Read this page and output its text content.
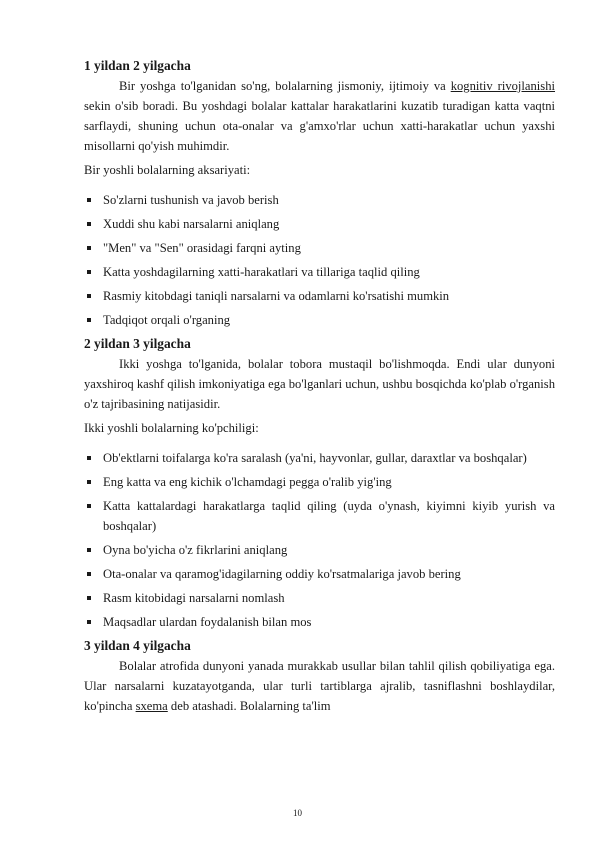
1 yildan 2 yilgacha

Bir yoshga to'lganidan so'ng, bolalarning jismoniy, ijtimoiy va kognitiv rivojlanishi sekin o'sib boradi. Bu yoshdagi bolalar kattalar harakatlarini kuzatib turadigan katta vaqtni sarflaydi, shuning uchun ota-onalar va g'amxo'rlar uchun xatti-harakatlar uchun yaxshi misollarni qo'yish muhimdir.

Bir yoshli bolalarning aksariyati:

So'zlarni tushunish va javob berish
Xuddi shu kabi narsalarni aniqlang
"Men" va "Sen" orasidagi farqni ayting
Katta yoshdagilarning xatti-harakatlari va tillariga taqlid qiling
Rasmiy kitobdagi taniqli narsalarni va odamlarni ko'rsatishi mumkin
Tadqiqot orqali o'rganing
2 yildan 3 yilgacha

Ikki yoshga to'lganida, bolalar tobora mustaqil bo'lishmoqda. Endi ular dunyoni yaxshiroq kashf qilish imkoniyatiga ega bo'lganlari uchun, ushbu bosqichda ko'plab o'rganish o'z tajribasining natijasidir.

Ikki yoshli bolalarning ko'pchiligi:

Ob'ektlarni toifalarga ko'ra saralash (ya'ni, hayvonlar, gullar, daraxtlar va boshqalar)
Eng katta va eng kichik o'lchamdagi pegga o'ralib yig'ing
Katta kattalardagi harakatlarga taqlid qiling (uyda o'ynash, kiyimni kiyib yurish va boshqalar)
Oyna bo'yicha o'z fikrlarini aniqlang
Ota-onalar va qaramog'idagilarning oddiy ko'rsatmalariga javob bering
Rasm kitobidagi narsalarni nomlash
Maqsadlar ulardan foydalanish bilan mos
3 yildan 4 yilgacha

Bolalar atrofida dunyoni yanada murakkab usullar bilan tahlil qilish qobiliyatiga ega. Ular narsalarni kuzatayotganda, ular turli tartiblarga ajralib, tasniflashni boshlaydilar, ko'pincha sxema deb atashadi. Bolalarning ta'lim

10
